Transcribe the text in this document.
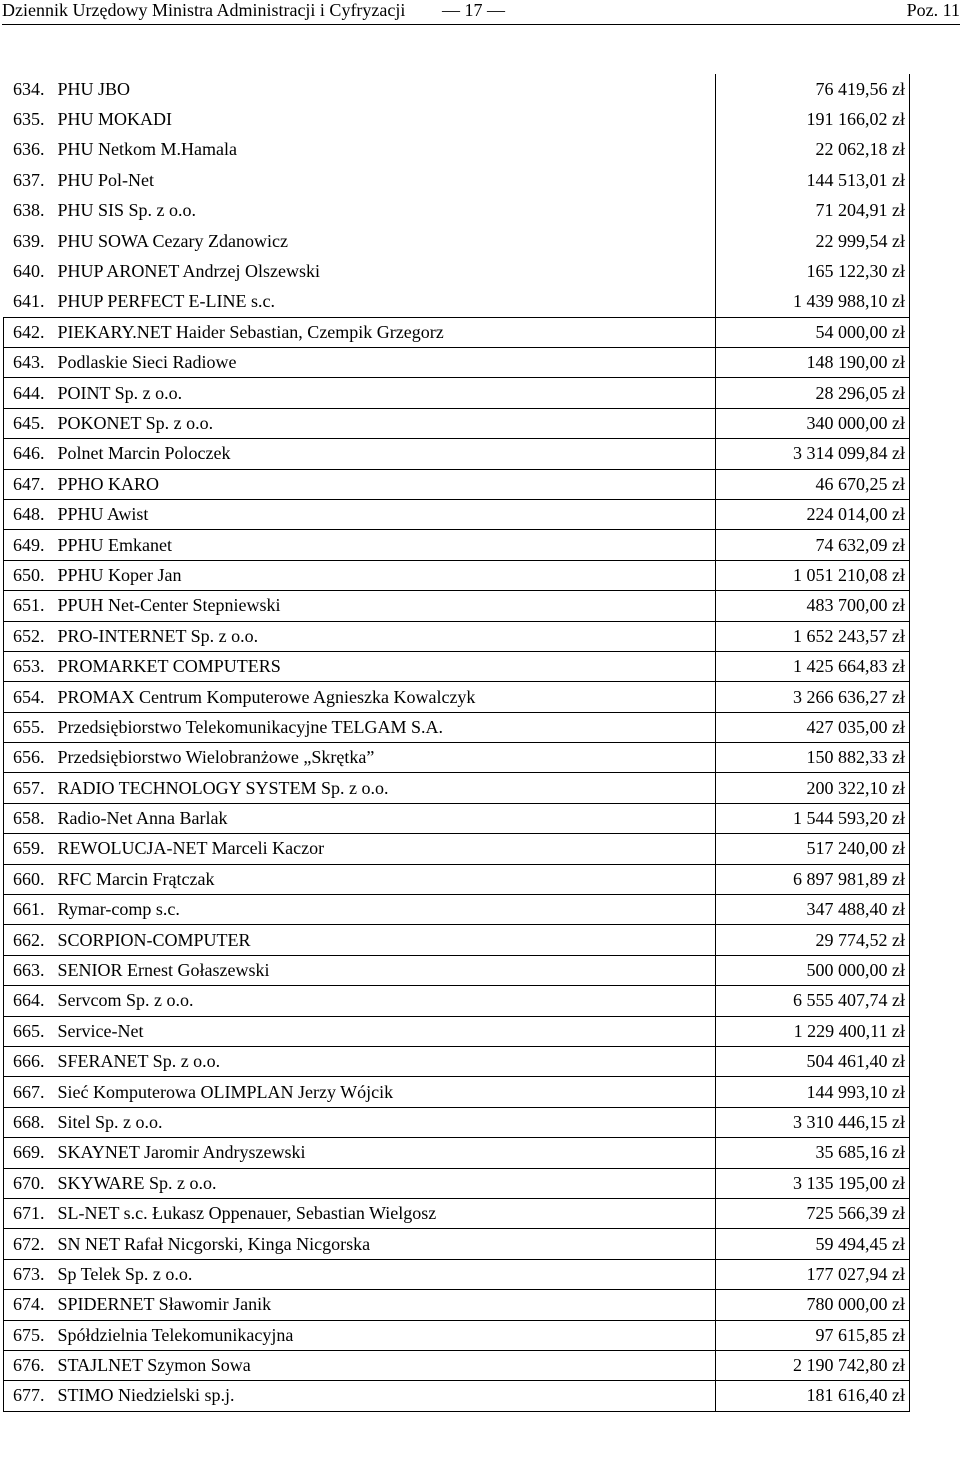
Dziennik Urzędowy Ministra Administracji i Cyfryzacji — 17 —	Poz. 11
634.	PHU JBO	76 419,56 zł
635.	PHU MOKADI	191 166,02 zł
636.	PHU Netkom M.Hamala	22 062,18 zł
637.	PHU Pol-Net	144 513,01 zł
638.	PHU SIS Sp. z o.o.	71 204,91 zł
639.	PHU SOWA Cezary Zdanowicz	22 999,54 zł
640.	PHUP ARONET Andrzej Olszewski	165 122,30 zł
641.	PHUP PERFECT E-LINE s.c.	1 439 988,10 zł
642.	PIEKARY.NET Haider Sebastian, Czempik Grzegorz	54 000,00 zł
643.	Podlaskie Sieci Radiowe	148 190,00 zł
644.	POINT Sp. z o.o.	28 296,05 zł
645.	POKONET Sp. z o.o.	340 000,00 zł
646.	Polnet Marcin Poloczek	3 314 099,84 zł
647.	PPHO KARO	46 670,25 zł
648.	PPHU Awist	224 014,00 zł
649.	PPHU Emkanet	74 632,09 zł
650.	PPHU Koper Jan	1 051 210,08 zł
651.	PPUH Net-Center Stepniewski	483 700,00 zł
652.	PRO-INTERNET Sp. z o.o.	1 652 243,57 zł
653.	PROMARKET COMPUTERS	1 425 664,83 zł
654.	PROMAX Centrum Komputerowe Agnieszka Kowalczyk	3 266 636,27 zł
655.	Przedsiębiorstwo Telekomunikacyjne TELGAM S.A.	427 035,00 zł
656.	Przedsiębiorstwo Wielobranżowe „Skrętka”	150 882,33 zł
657.	RADIO TECHNOLOGY SYSTEM Sp. z o.o.	200 322,10 zł
658.	Radio-Net Anna Barlak	1 544 593,20 zł
659.	REWOLUCJA-NET Marceli Kaczor	517 240,00 zł
660.	RFC Marcin Frątczak	6 897 981,89 zł
661.	Rymar-comp s.c.	347 488,40 zł
662.	SCORPION-COMPUTER	29 774,52 zł
663.	SENIOR Ernest Gołaszewski	500 000,00 zł
664.	Servcom Sp. z o.o.	6 555 407,74 zł
665.	Service-Net	1 229 400,11 zł
666.	SFERANET Sp. z o.o.	504 461,40 zł
667.	Sieć Komputerowa OLIMPLAN Jerzy Wójcik	144 993,10 zł
668.	Sitel Sp. z o.o.	3 310 446,15 zł
669.	SKAYNET Jaromir Andryszewski	35 685,16 zł
670.	SKYWARE Sp. z o.o.	3 135 195,00 zł
671.	SL-NET s.c. Łukasz Oppenauer, Sebastian Wielgosz	725 566,39 zł
672.	SN NET Rafał Nicgorski, Kinga Nicgorska	59 494,45 zł
673.	Sp Telek Sp. z o.o.	177 027,94 zł
674.	SPIDERNET Sławomir Janik	780 000,00 zł
675.	Spółdzielnia Telekomunikacyjna	97 615,85 zł
676.	STAJLNET Szymon Sowa	2 190 742,80 zł
677.	STIMO Niedzielski sp.j.	181 616,40 zł
